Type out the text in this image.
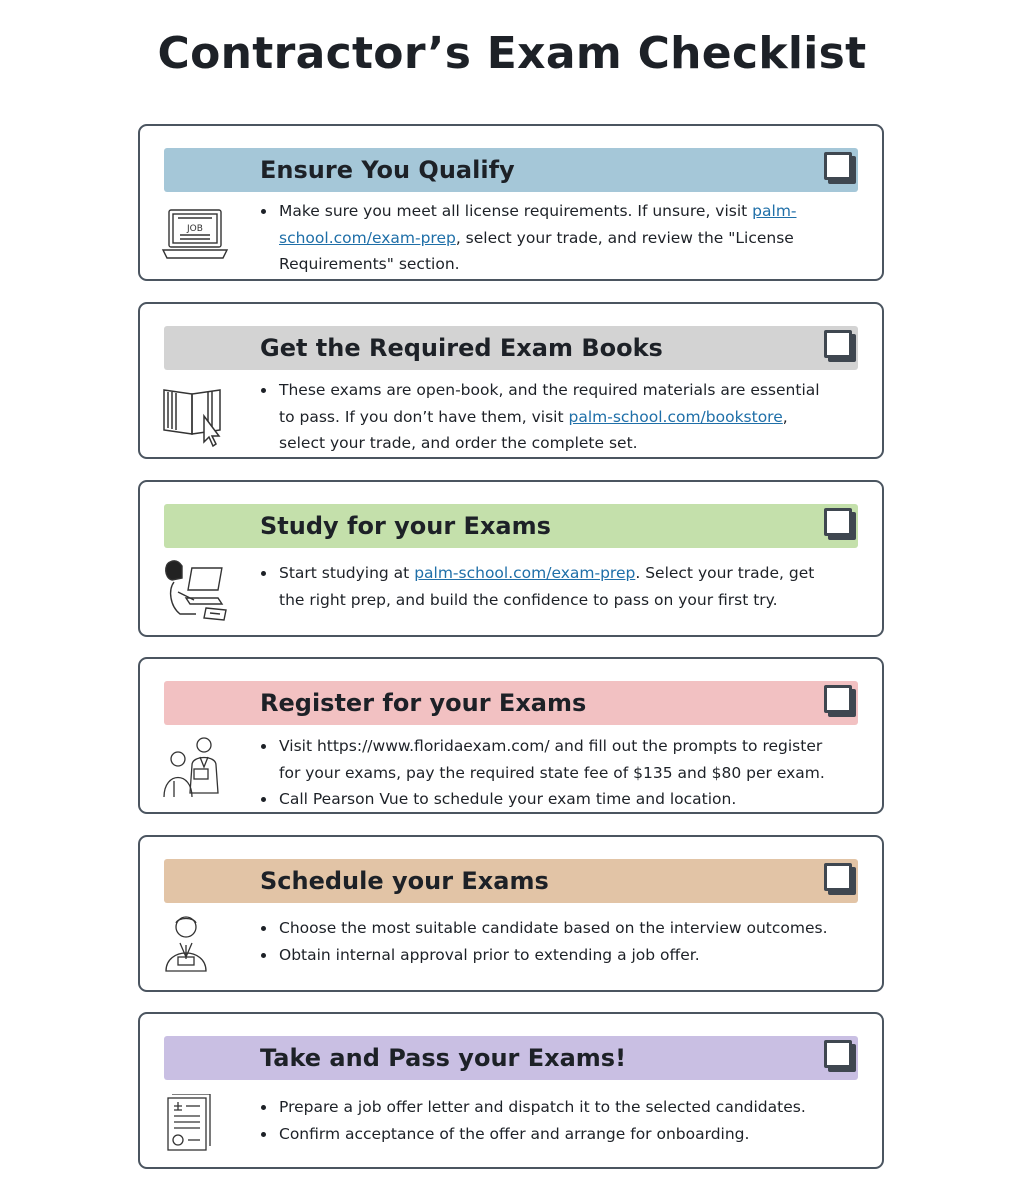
Contractor’s Exam Checklist
Ensure You Qualify
JOB
• Make sure you meet all license requirements. If unsure, visit palm-school.com/exam-prep, select your trade, and review the "License Requirements" section.
Get the Required Exam Books
• These exams are open-book, and the required materials are essential to pass. If you don’t have them, visit palm-school.com/bookstore, select your trade, and order the complete set.
Study for your Exams
• Start studying at palm-school.com/exam-prep. Select your trade, get the right prep, and build the confidence to pass on your first try.
Register for your Exams
• Visit https://www.floridaexam.com/ and fill out the prompts to register for your exams, pay the required state fee of $135 and $80 per exam.
• Call Pearson Vue to schedule your exam time and location.
Schedule your Exams
• Choose the most suitable candidate based on the interview outcomes.
• Obtain internal approval prior to extending a job offer.
Take and Pass your Exams!
• Prepare a job offer letter and dispatch it to the selected candidates.
• Confirm acceptance of the offer and arrange for onboarding.
